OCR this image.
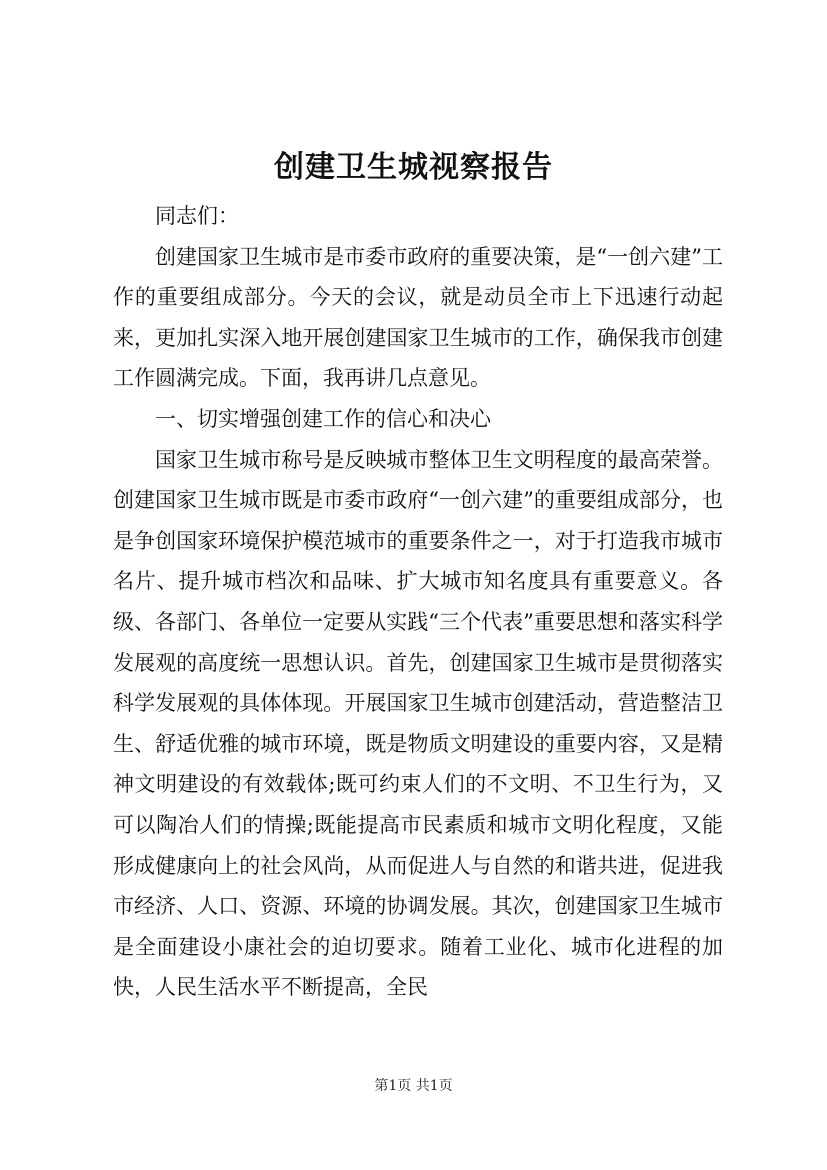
创建卫生城视察报告

同志们：

创建国家卫生城市是市委市政府的重要决策，是“一创六建”工作的重要组成部分。今天的会议，就是动员全市上下迅速行动起来，更加扎实深入地开展创建国家卫生城市的工作，确保我市创建工作圆满完成。下面，我再讲几点意见。

一、切实增强创建工作的信心和决心

国家卫生城市称号是反映城市整体卫生文明程度的最高荣誉。创建国家卫生城市既是市委市政府“一创六建”的重要组成部分，也是争创国家环境保护模范城市的重要条件之一，对于打造我市城市名片、提升城市档次和品味、扩大城市知名度具有重要意义。各级、各部门、各单位一定要从实践“三个代表”重要思想和落实科学发展观的高度统一思想认识。首先，创建国家卫生城市是贯彻落实科学发展观的具体体现。开展国家卫生城市创建活动，营造整洁卫生、舒适优雅的城市环境，既是物质文明建设的重要内容，又是精神文明建设的有效载体;既可约束人们的不文明、不卫生行为，又可以陶冶人们的情操;既能提高市民素质和城市文明化程度，又能形成健康向上的社会风尚，从而促进人与自然的和谐共进，促进我市经济、人口、资源、环境的协调发展。其次，创建国家卫生城市是全面建设小康社会的迫切要求。随着工业化、城市化进程的加快，人民生活水平不断提高，全民

第1页 共1页
